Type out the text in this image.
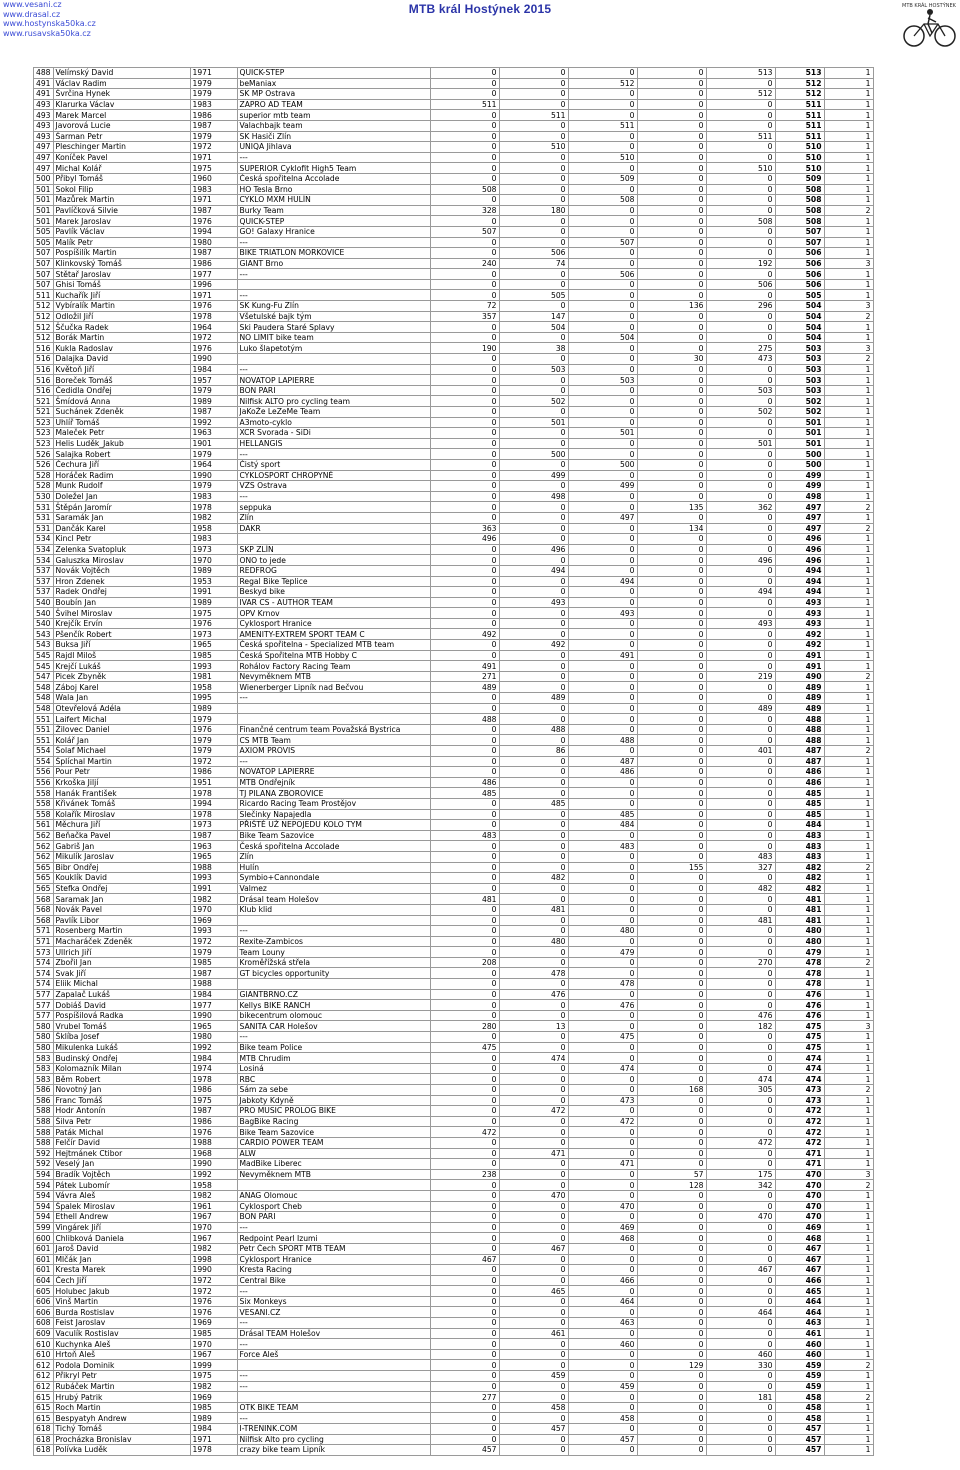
www.vesani.cz
www.drasal.cz
www.hostynska50ka.cz
www.rusavska50ka.cz
MTB král Hostýnek 2015	MTB KRÁL HOSTÝNEK
488	Velímský David	1971	QUICK-STEP	0	0	0	0	513	513	1
491	Václav Radim	1979	beManiax	0	0	512	0	0	512	1
491	Švrčina Hynek	1979	SK MP Ostrava	0	0	0	0	512	512	1
493	Klarurka Václav	1983	ZAPRO AD TEAM	511	0	0	0	0	511	1
493	Marek Marcel	1986	superior mtb team	0	511	0	0	0	511	1
493	Javorová Lucie	1987	Valachbajk team	0	0	511	0	0	511	1
493	Šarman Petr	1979	SK Hasiči Zlín	0	0	0	0	511	511	1
497	Pleschinger Martin	1972	UNIQA Jihlava	0	510	0	0	0	510	1
497	Koníček Pavel	1971	---	0	0	510	0	0	510	1
497	Michal Kolář	1975	SUPERIOR Cyklofit High5 Team	0	0	0	0	510	510	1
500	Přibyl Tomáš	1960	Česká spořitelna Accolade	0	0	509	0	0	509	1
501	Sokol Filip	1983	HO Tesla Brno	508	0	0	0	0	508	1
501	Mazůrek Martin	1971	CYKLO MXM HULÍN	0	0	508	0	0	508	1
501	Pavlíčková Silvie	1987	Burky Team	328	180	0	0	0	508	2
501	Marek Jaroslav	1976	QUICK-STEP	0	0	0	0	508	508	1
505	Pavlík Václav	1994	GO! Galaxy Hranice	507	0	0	0	0	507	1
505	Malík Petr	1980	---	0	0	507	0	0	507	1
507	Pospíšilík Martin	1987	BIKE TRIATLON MORKOVICE	0	506	0	0	0	506	1
507	Klinkovský Tomáš	1986	GIANT Brno	240	74	0	0	192	506	3
507	Stětař Jaroslav	1977	---	0	0	506	0	0	506	1
507	Ghisi Tomáš	1996		0	0	0	0	506	506	1
511	Kuchařík Jiří	1971	---	0	505	0	0	0	505	1
512	Vybíralík Martin	1976	SK Kung-Fu Zlín	72	0	0	136	296	504	3
512	Odložil Jiří	1978	Všetulské bajk tým	357	147	0	0	0	504	2
512	Ščučka Radek	1964	Ski Paudera Staré Splavy	0	504	0	0	0	504	1
512	Borák Martin	1972	NO LIMIT bike team	0	0	504	0	0	504	1
516	Kukla Radoslav	1976	Luko šlapetotým	190	38	0	0	275	503	3
516	Dalajka David	1990		0	0	0	30	473	503	2
516	Květoň Jiří	1984	---	0	503	0	0	0	503	1
516	Boreček Tomáš	1957	NOVATOP LAPIERRE	0	0	503	0	0	503	1
516	Čedidla Ondřej	1979	BON PARI	0	0	0	0	503	503	1
521	Šmídová Anna	1989	Nilfisk ALTO pro cycling team	0	502	0	0	0	502	1
521	Suchánek Zdeněk	1987	JaKoŽe LeZeMe Team	0	0	0	0	502	502	1
523	Uhlíř Tomáš	1992	A3moto-cyklo	0	501	0	0	0	501	1
523	Maleček Petr	1963	XCR Svorada - SiDi	0	0	501	0	0	501	1
523	Helis Luděk_Jakub	1901	HELLANGIS	0	0	0	0	501	501	1
526	Salajka Robert	1979	---	0	500	0	0	0	500	1
526	Čechura Jiří	1964	Čistý sport	0	0	500	0	0	500	1
528	Horáček Radim	1990	CYKLOSPORT CHROPYNĚ	0	499	0	0	0	499	1
528	Munk Rudolf	1979	VZS Ostrava	0	0	499	0	0	499	1
530	Doležel Jan	1983	---	0	498	0	0	0	498	1
531	Štěpán Jaromír	1978	seppuka	0	0	0	135	362	497	2
531	Saramák Jan	1982	Zlín	0	0	497	0	0	497	1
531	Dančák Karel	1958	DAKR	363	0	0	134	0	497	2
534	Kincl Petr	1983		496	0	0	0	0	496	1
534	Zelenka Svatopluk	1973	SKP ZLÍN	0	496	0	0	0	496	1
534	Galuszka Miroslav	1970	ONO to jede	0	0	0	0	496	496	1
537	Novák Vojtěch	1989	REDFROG	0	494	0	0	0	494	1
537	Hron Zdenek	1953	Regal Bike Teplice	0	0	494	0	0	494	1
537	Radek Ondřej	1991	Beskyd bike	0	0	0	0	494	494	1
540	Boubín Jan	1989	IVAR CS - AUTHOR TEAM	0	493	0	0	0	493	1
540	Švihel Miroslav	1975	OPV Krnov	0	0	493	0	0	493	1
540	Krejčík Ervín	1976	Cyklosport Hranice	0	0	0	0	493	493	1
543	Pšenčík Robert	1973	AMENITY-EXTREM SPORT TEAM C	492	0	0	0	0	492	1
543	Buksa Jiří	1965	Česká spořitelna - Specialized MTB team	0	492	0	0	0	492	1
545	Rajdl Miloš	1985	Česká Spořitelna MTB Hobby C	0	0	491	0	0	491	1
545	Krejčí Lukáš	1993	Rohálov Factory Racing Team	491	0	0	0	0	491	1
547	Picek Zbyněk	1981	Nevyměknem MTB	271	0	0	0	219	490	2
548	Záboj Karel	1958	Wienerberger Lipník nad Bečvou	489	0	0	0	0	489	1
548	Wala Jan	1995	---	0	489	0	0	0	489	1
548	Otevřelová Adéla	1989		0	0	0	0	489	489	1
551	Laifert Michal	1979		488	0	0	0	0	488	1
551	Žilovec Daniel	1976	Finančné centrum team Považská Bystrica	0	488	0	0	0	488	1
551	Kolář Jan	1979	CS MTB Team	0	0	488	0	0	488	1
554	Šolaf Michael	1979	AXIOM PROVIS	0	86	0	0	401	487	2
554	Šplíchal Martin	1972	---	0	0	487	0	0	487	1
556	Pour Petr	1986	NOVATOP LAPIERRE	0	0	486	0	0	486	1
556	Krkoška Jiljí	1951	MTB Ondřejník	486	0	0	0	0	486	1
558	Hanák František	1978	TJ PILANA ZBOROVICE	485	0	0	0	0	485	1
558	Křivánek Tomáš	1994	Ricardo Racing Team Prostějov	0	485	0	0	0	485	1
558	Kolařík Miroslav	1978	Slečinky Napajedla	0	0	485	0	0	485	1
561	Měchura Jiří	1973	PŘIŠTĚ UŽ NEPOJEDU KOLO TYM	0	0	484	0	0	484	1
562	Beňačka Pavel	1987	Bike Team Sazovice	483	0	0	0	0	483	1
562	Gabriš Jan	1963	Česká spořitelna Accolade	0	0	483	0	0	483	1
562	Mikulík Jaroslav	1965	Zlín	0	0	0	0	483	483	1
565	Bibr Ondřej	1988	Hulín	0	0	0	155	327	482	2
565	Kouklík David	1993	Symbio+Cannondale	0	482	0	0	0	482	1
565	Stefka Ondřej	1991	Valmez	0	0	0	0	482	482	1
568	Saramak Jan	1982	Drásal team Holešov	481	0	0	0	0	481	1
568	Novák Pavel	1970	Klub klid	0	481	0	0	0	481	1
568	Pavlík Libor	1969		0	0	0	0	481	481	1
571	Rosenberg Martin	1993	---	0	0	480	0	0	480	1
571	Macharáček Zdeněk	1972	Rexite-Zambicos	0	480	0	0	0	480	1
573	Ullrich Jiří	1979	Team Louny	0	0	479	0	0	479	1
574	Zbořil Jan	1985	Kroměřížská střela	208	0	0	0	270	478	2
574	Svak Jiří	1987	GT bicycles opportunity	0	478	0	0	0	478	1
574	Eliik Michal	1988		0	0	478	0	0	478	1
577	Zapalač Lukáš	1984	GIANTBRNO.CZ	0	476	0	0	0	476	1
577	Dobiáš David	1977	Kellys BIKE RANCH	0	0	476	0	0	476	1
577	Pospíšilová Radka	1990	bikecentrum olomouc	0	0	0	0	476	476	1
580	Vrubel Tomáš	1965	SANITA CAR Holešov	280	13	0	0	182	475	3
580	Šklíba Josef	1980	---	0	0	475	0	0	475	1
580	Mikulenka Lukáš	1992	Bike team Police	475	0	0	0	0	475	1
583	Budinský Ondřej	1984	MTB Chrudim	0	474	0	0	0	474	1
583	Kolomazník Milan	1974	Losiná	0	0	474	0	0	474	1
583	Běm Robert	1978	RBC	0	0	0	0	474	474	1
586	Novotný Jan	1986	Sám za sebe	0	0	0	168	305	473	2
586	Franc Tomáš	1975	Jabkoty Kdyně	0	0	473	0	0	473	1
588	Hodr Antonín	1987	PRO MUSIC PROLOG BIKE	0	472	0	0	0	472	1
588	Šilva Petr	1986	BagBike Racing	0	0	472	0	0	472	1
588	Paták Michal	1976	Bike Team Sazovice	472	0	0	0	0	472	1
588	Felčír David	1988	CARDIO POWER TEAM	0	0	0	0	472	472	1
592	Hejtmánek Ctibor	1968	ALW	0	471	0	0	0	471	1
592	Veselý Jan	1990	MadBike Liberec	0	0	471	0	0	471	1
594	Bradík Vojtěch	1992	Nevyměknem MTB	238	0	0	57	175	470	3
594	Pátek Lubomír	1958		0	0	0	128	342	470	2
594	Vávra Aleš	1982	ANAG Olomouc	0	470	0	0	0	470	1
594	Špalek Miroslav	1961	Cyklosport Cheb	0	0	470	0	0	470	1
594	Ethell Andrew	1967	BON PARI	0	0	0	0	470	470	1
599	Vingárek Jiří	1970	---	0	0	469	0	0	469	1
600	Chlibková Daniela	1967	Redpoint Pearl Izumi	0	0	468	0	0	468	1
601	Jaroš David	1982	Petr Čech SPORT MTB TEAM	0	467	0	0	0	467	1
601	Mlčák Jan	1998	Cyklosport Hranice	467	0	0	0	0	467	1
601	Kresta Marek	1990	Kresta Racing	0	0	0	0	467	467	1
604	Čech Jiří	1972	Central Bike	0	0	466	0	0	466	1
605	Holubec Jakub	1972	---	0	465	0	0	0	465	1
606	Vinš Martin	1976	Six Monkeys	0	0	464	0	0	464	1
606	Burda Rostislav	1976	VESANI.CZ	0	0	0	0	464	464	1
608	Feist Jaroslav	1969	---	0	0	463	0	0	463	1
609	Vaculík Rostislav	1985	Drásal TEAM Holešov	0	461	0	0	0	461	1
610	Kuchynka Aleš	1970	---	0	0	460	0	0	460	1
610	Hrtoň Aleš	1967	Force Aleš	0	0	0	0	460	460	1
612	Podola Dominik	1999		0	0	0	129	330	459	2
612	Přikryl Petr	1975	---	0	459	0	0	0	459	1
612	Rubáček Martin	1982	---	0	0	459	0	0	459	1
615	Hrubý Patrik	1969		277	0	0	0	181	458	2
615	Roch Martin	1985	OTK BIKE TEAM	0	458	0	0	0	458	1
615	Bespyatyh Andrew	1989	---	0	0	458	0	0	458	1
618	Tichý Tomáš	1984	I-TRENINK.COM	0	457	0	0	0	457	1
618	Procházka Bronislav	1971	Nilfisk Alto pro cycling	0	0	457	0	0	457	1
618	Polívka Luděk	1978	crazy bike team Lipník	457	0	0	0	0	457	1
